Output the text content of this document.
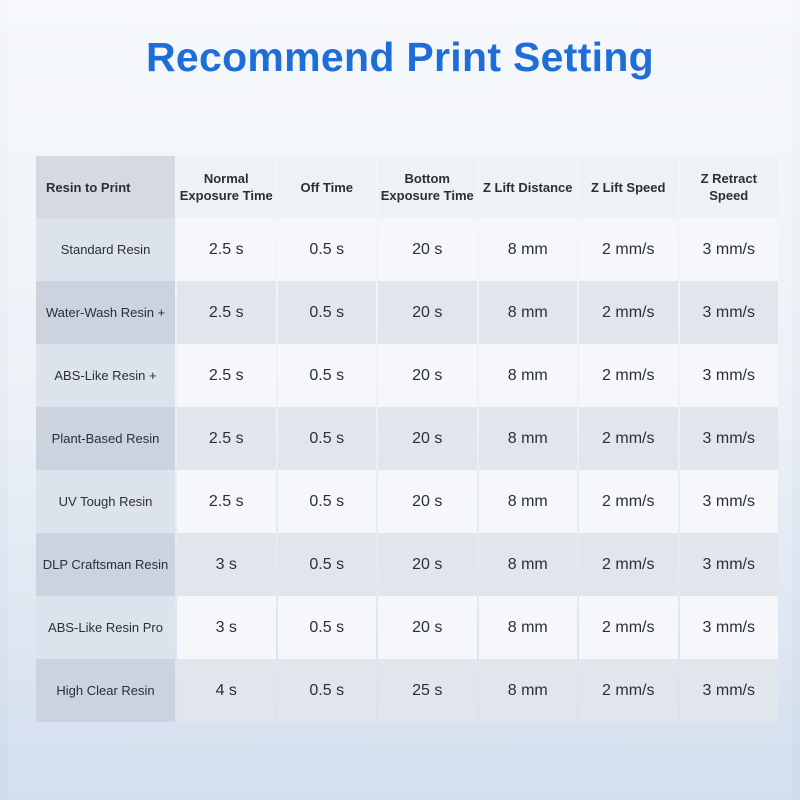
Recommend Print Setting
Resin to Print	Normal Exposure Time	Off Time	Bottom Exposure Time	Z Lift Distance	Z Lift Speed	Z Retract Speed
Standard Resin	2.5 s	0.5 s	20 s	8 mm	2 mm/s	3 mm/s
Water-Wash Resin +	2.5 s	0.5 s	20 s	8 mm	2 mm/s	3 mm/s
ABS-Like Resin +	2.5 s	0.5 s	20 s	8 mm	2 mm/s	3 mm/s
Plant-Based Resin	2.5 s	0.5 s	20 s	8 mm	2 mm/s	3 mm/s
UV Tough Resin	2.5 s	0.5 s	20 s	8 mm	2 mm/s	3 mm/s
DLP Craftsman Resin	3 s	0.5 s	20 s	8 mm	2 mm/s	3 mm/s
ABS-Like Resin Pro	3 s	0.5 s	20 s	8 mm	2 mm/s	3 mm/s
High Clear Resin	4 s	0.5 s	25 s	8 mm	2 mm/s	3 mm/s
